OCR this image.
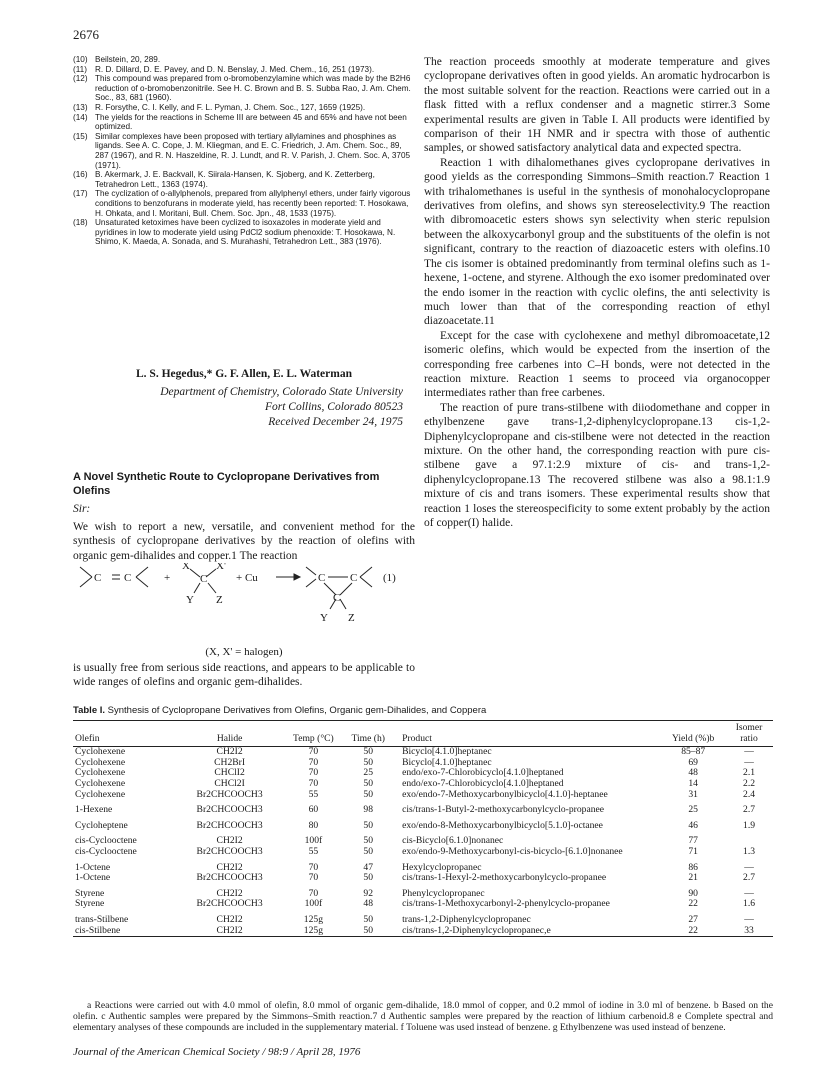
2676
(10) Beilstein, 20, 289.
(11) R. D. Dillard, D. E. Pavey, and D. N. Benslay, J. Med. Chem., 16, 251 (1973).
(12) This compound was prepared from o-bromobenzylamine which was made by the B2H6 reduction of o-bromobenzonitrile. See H. C. Brown and B. S. Subba Rao, J. Am. Chem. Soc., 83, 681 (1960).
(13) R. Forsythe, C. I. Kelly, and F. L. Pyman, J. Chem. Soc., 127, 1659 (1925).
(14) The yields for the reactions in Scheme III are between 45 and 65% and have not been optimized.
(15) Similar complexes have been proposed with tertiary allylamines and phosphines as ligands. See A. C. Cope, J. M. Kliegman, and E. C. Friedrich, J. Am. Chem. Soc., 89, 287 (1967), and R. N. Haszeldine, R. J. Lundt, and R. V. Parish, J. Chem. Soc. A, 3705 (1971).
(16) B. Akermark, J. E. Backvall, K. Siirala-Hansen, K. Sjoberg, and K. Zetterberg, Tetrahedron Lett., 1363 (1974).
(17) The cyclization of o-allylphenols, prepared from allylphenyl ethers, under fairly vigorous conditions to benzofurans in moderate yield, has recently been reported: T. Hosokawa, H. Ohkata, and I. Moritani, Bull. Chem. Soc. Jpn., 48, 1533 (1975).
(18) Unsaturated ketoximes have been cyclized to isoxazoles in moderate yield and pyridines in low to moderate yield using PdCl2 sodium phenoxide: T. Hosokawa, N. Shimo, K. Maeda, A. Sonada, and S. Murahashi, Tetrahedron Lett., 383 (1976).
L. S. Hegedus,* G. F. Allen, E. L. Waterman
Department of Chemistry, Colorado State University
Fort Collins, Colorado 80523
Received December 24, 1975
A Novel Synthetic Route to Cyclopropane Derivatives from Olefins
Sir:
We wish to report a new, versatile, and convenient method for the synthesis of cyclopropane derivatives by the reaction of olefins with organic gem-dihalides and copper.1 The reaction
C C	+
X X'
C
Y Z
+ Cu	C C
C
Y Z
(1)
(X, X' = halogen)
is usually free from serious side reactions, and appears to be applicable to wide ranges of olefins and organic gem-dihalides.

The reaction proceeds smoothly at moderate temperature and gives cyclopropane derivatives often in good yields. An aromatic hydrocarbon is the most suitable solvent for the reaction. Reactions were carried out in a flask fitted with a reflux condenser and a magnetic stirrer.3 Some experimental results are given in Table I. All products were identified by comparison of their 1H NMR and ir spectra with those of authentic samples, or showed satisfactory analytical data and expected spectra.

Reaction 1 with dihalomethanes gives cyclopropane derivatives in good yields as the corresponding Simmons–Smith reaction.7 Reaction 1 with trihalomethanes is useful in the synthesis of monohalocyclopropane derivatives from olefins, and shows syn stereoselectivity.9 The reaction with dibromoacetic esters shows syn selectivity when steric repulsion between the alkoxycarbonyl group and the substituents of the olefin is not significant, contrary to the reaction of diazoacetic esters with olefins.10 The cis isomer is obtained predominantly from terminal olefins such as 1-hexene, 1-octene, and styrene. Although the exo isomer predominated over the endo isomer in the reaction with cyclic olefins, the anti selectivity is much lower than that of the corresponding reaction of ethyl diazoacetate.11

Except for the case with cyclohexene and methyl dibromoacetate,12 isomeric olefins, which would be expected from the insertion of the corresponding free carbenes into C–H bonds, were not detected in the reaction mixture. Reaction 1 seems to proceed via organocopper intermediates rather than free carbenes.

The reaction of pure trans-stilbene with diiodomethane and copper in ethylbenzene gave trans-1,2-diphenylcyclopropane.13 cis-1,2-Diphenylcyclopropane and cis-stilbene were not detected in the reaction mixture. On the other hand, the corresponding reaction with pure cis-stilbene gave a 97.1:2.9 mixture of cis- and trans-1,2-diphenylcyclopropane.13 The recovered stilbene was also a 98.1:1.9 mixture of cis and trans isomers. These experimental results show that reaction 1 loses the stereospecificity to some extent probably by the action of copper(I) halide.

Table I. Synthesis of Cyclopropane Derivatives from Olefins, Organic gem-Dihalides, and Coppera
Olefin	Halide	Temp (°C)	Time (h)	Product	Yield (%)b	Isomer ratio
Cyclohexene	CH2I2	70	50	Bicyclo[4.1.0]heptanec	85–87	—
Cyclohexene	CH2BrI	70	50	Bicyclo[4.1.0]heptanec	69	—
Cyclohexene	CHClI2	70	25	endo/exo-7-Chlorobicyclo[4.1.0]heptaned	48	2.1
Cyclohexene	CHCl2I	70	50	endo/exo-7-Chlorobicyclo[4.1.0]heptaned	14	2.2
Cyclohexene	Br2CHCOOCH3	55	50	exo/endo-7-Methoxycarbonylbicyclo[4.1.0]-heptanee	31	2.4
1-Hexene	Br2CHCOOCH3	60	98	cis/trans-1-Butyl-2-methoxycarbonylcyclo-propanee	25	2.7
Cycloheptene	Br2CHCOOCH3	80	50	exo/endo-8-Methoxycarbonylbicyclo[5.1.0]-octanee	46	1.9
cis-Cyclooctene	CH2I2	100f	50	cis-Bicyclo[6.1.0]nonanec	77	
cis-Cyclooctene	Br2CHCOOCH3	55	50	exo/endo-9-Methoxycarbonyl-cis-bicyclo-[6.1.0]nonanee	71	1.3
1-Octene	CH2I2	70	47	Hexylcyclopropanec	86	—
1-Octene	Br2CHCOOCH3	70	50	cis/trans-1-Hexyl-2-methoxycarbonylcyclo-propanee	21	2.7
Styrene	CH2I2	70	92	Phenylcyclopropanec	90	—
Styrene	Br2CHCOOCH3	100f	48	cis/trans-1-Methoxycarbonyl-2-phenylcyclo-propanee	22	1.6
trans-Stilbene	CH2I2	125g	50	trans-1,2-Diphenylcyclopropanec	27	—
cis-Stilbene	CH2I2	125g	50	cis/trans-1,2-Diphenylcyclopropanec,e	22	33
a Reactions were carried out with 4.0 mmol of olefin, 8.0 mmol of organic gem-dihalide, 18.0 mmol of copper, and 0.2 mmol of iodine in 3.0 ml of benzene. b Based on the olefin. c Authentic samples were prepared by the Simmons–Smith reaction.7 d Authentic samples were prepared by the reaction of lithium carbenoid.8 e Complete spectral and elementary analyses of these compounds are included in the supplementary material. f Toluene was used instead of benzene. g Ethylbenzene was used instead of benzene.
Journal of the American Chemical Society / 98:9 / April 28, 1976
